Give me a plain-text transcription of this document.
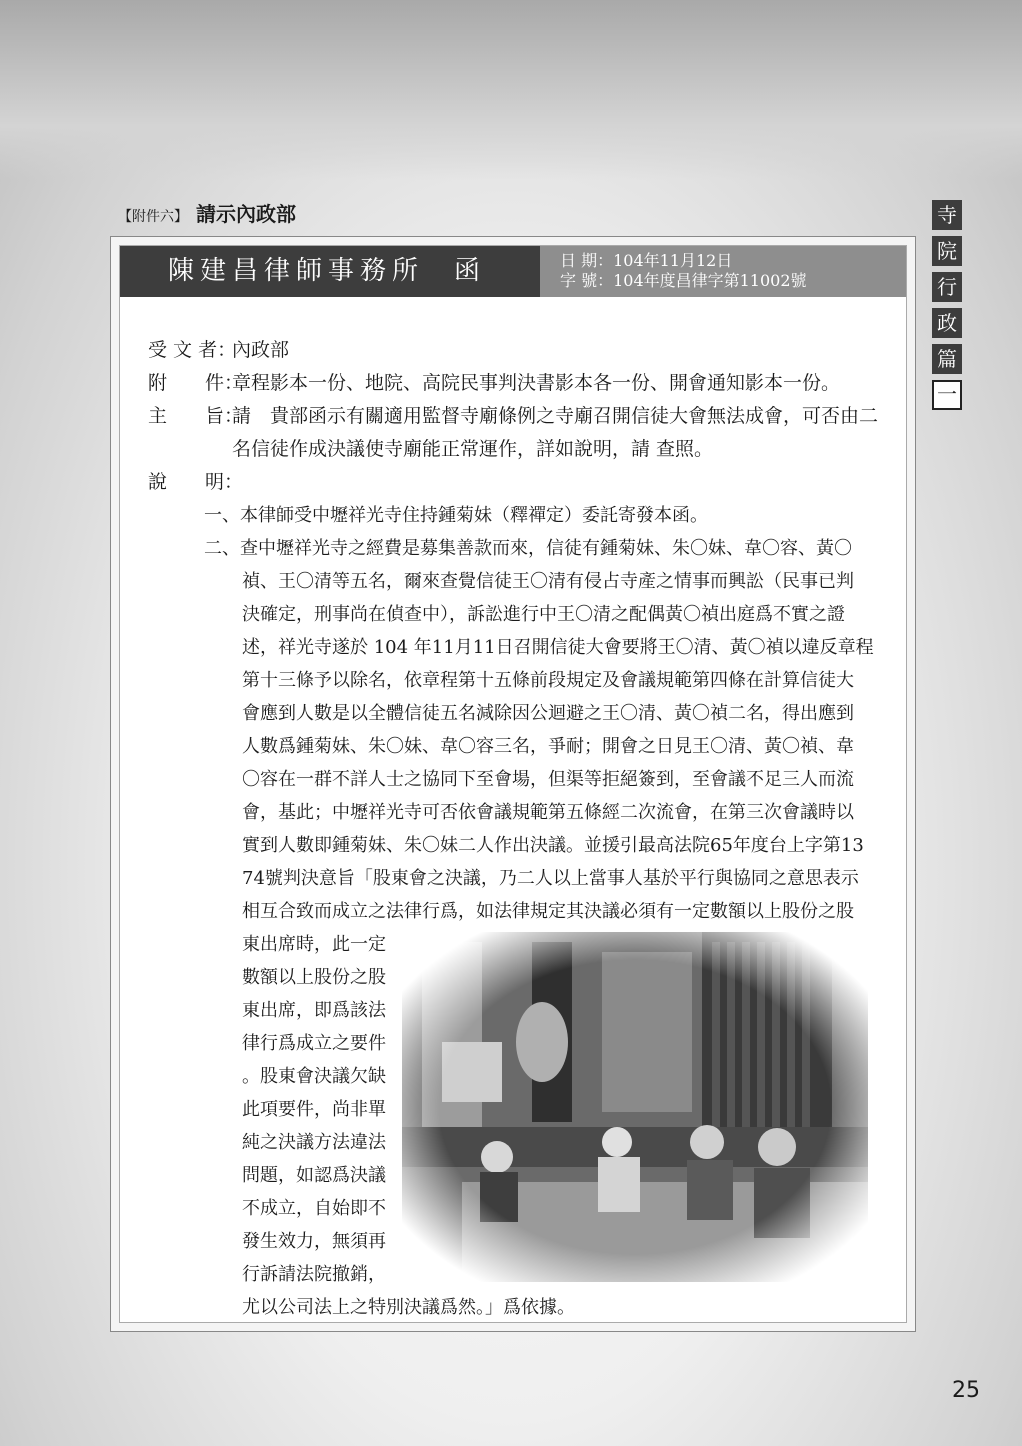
【附件六】 請示內政部	寺
院
行
政
篇
一
陳建昌律師事務所 函	日 期：104年11月12日
字 號：104年度昌律字第11002號
受 文 者：
內政部
附　　件：
章程影本一份、地院、高院民事判決書影本各一份、開會通知影本一份。
主　　旨：
請　貴部函示有關適用監督寺廟條例之寺廟召開信徒大會無法成會，可否由二
名信徒作成決議使寺廟能正常運作，詳如說明，請 查照。
說　　明：
一、本律師受中壢祥光寺住持鍾菊妹（釋禪定）委託寄發本函。
二、查中壢祥光寺之經費是募集善款而來，信徒有鍾菊妹、朱〇妹、韋〇容、黃〇
禎、王〇清等五名，爾來查覺信徒王〇清有侵占寺產之情事而興訟（民事已判
決確定，刑事尚在偵查中），訴訟進行中王〇清之配偶黃〇禎出庭爲不實之證
述，祥光寺遂於 104 年11月11日召開信徒大會要將王〇清、黃〇禎以違反章程
第十三條予以除名，依章程第十五條前段規定及會議規範第四條在計算信徒大
會應到人數是以全體信徒五名減除因公迴避之王〇清、黃〇禎二名，得出應到
人數爲鍾菊妹、朱〇妹、韋〇容三名，爭耐；開會之日見王〇清、黃〇禎、韋
〇容在一群不詳人士之協同下至會場，但渠等拒絕簽到，至會議不足三人而流
會，基此；中壢祥光寺可否依會議規範第五條經二次流會，在第三次會議時以
實到人數即鍾菊妹、朱〇妹二人作出決議。並援引最高法院65年度台上字第13
74號判決意旨「股東會之決議，乃二人以上當事人基於平行與協同之意思表示
相互合致而成立之法律行爲，如法律規定其決議必須有一定數額以上股份之股
東出席時，此一定
數額以上股份之股
東出席，即爲該法
律行爲成立之要件
。股東會決議欠缺
此項要件，尚非單
純之決議方法違法
問題，如認爲決議
不成立，自始即不
發生效力，無須再
行訴請法院撤銷，
尤以公司法上之特別決議爲然。」爲依據。
25
